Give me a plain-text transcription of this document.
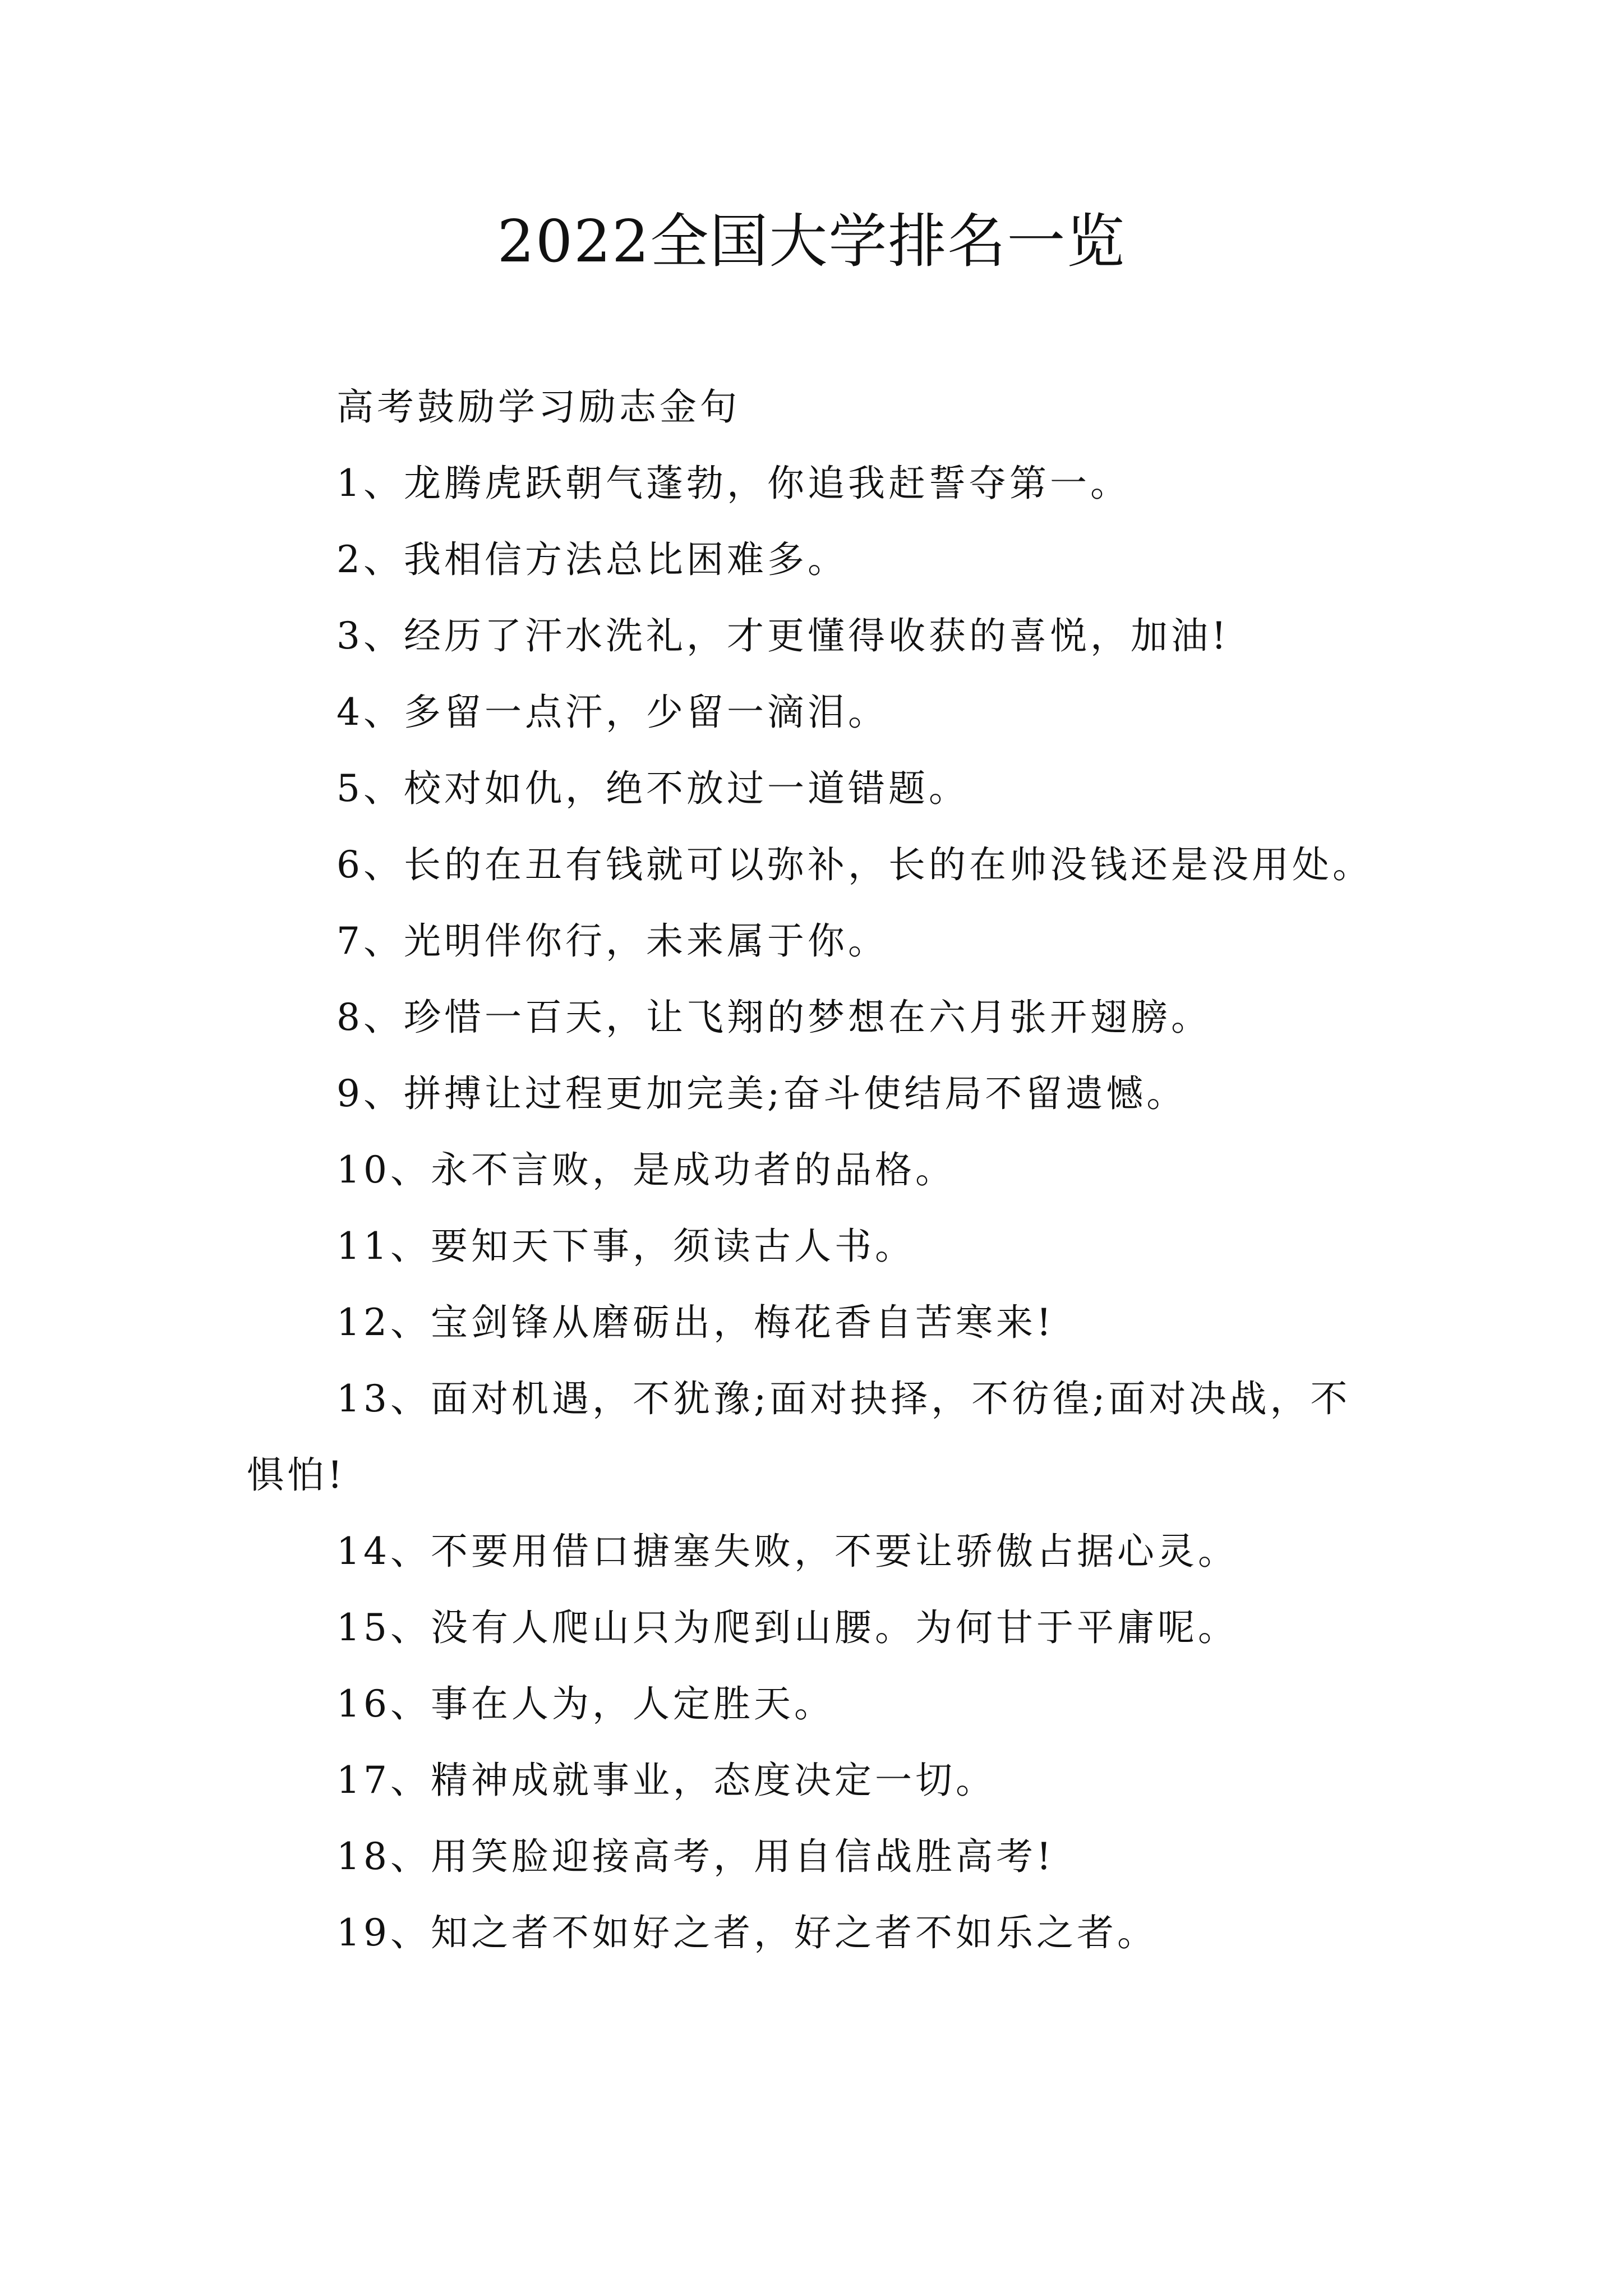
2022全国大学排名一览

高考鼓励学习励志金句

1、龙腾虎跃朝气蓬勃，你追我赶誓夺第一。

2、我相信方法总比困难多。

3、经历了汗水洗礼，才更懂得收获的喜悦，加油!

4、多留一点汗，少留一滴泪。

5、校对如仇，绝不放过一道错题。

6、长的在丑有钱就可以弥补，长的在帅没钱还是没用处。

7、光明伴你行，未来属于你。

8、珍惜一百天，让飞翔的梦想在六月张开翅膀。

9、拼搏让过程更加完美;奋斗使结局不留遗憾。

10、永不言败，是成功者的品格。

11、要知天下事，须读古人书。

12、宝剑锋从磨砺出，梅花香自苦寒来!

13、面对机遇，不犹豫;面对抉择，不彷徨;面对决战，不惧怕!

14、不要用借口搪塞失败，不要让骄傲占据心灵。

15、没有人爬山只为爬到山腰。为何甘于平庸呢。

16、事在人为，人定胜天。

17、精神成就事业，态度决定一切。

18、用笑脸迎接高考，用自信战胜高考!

19、知之者不如好之者，好之者不如乐之者。
